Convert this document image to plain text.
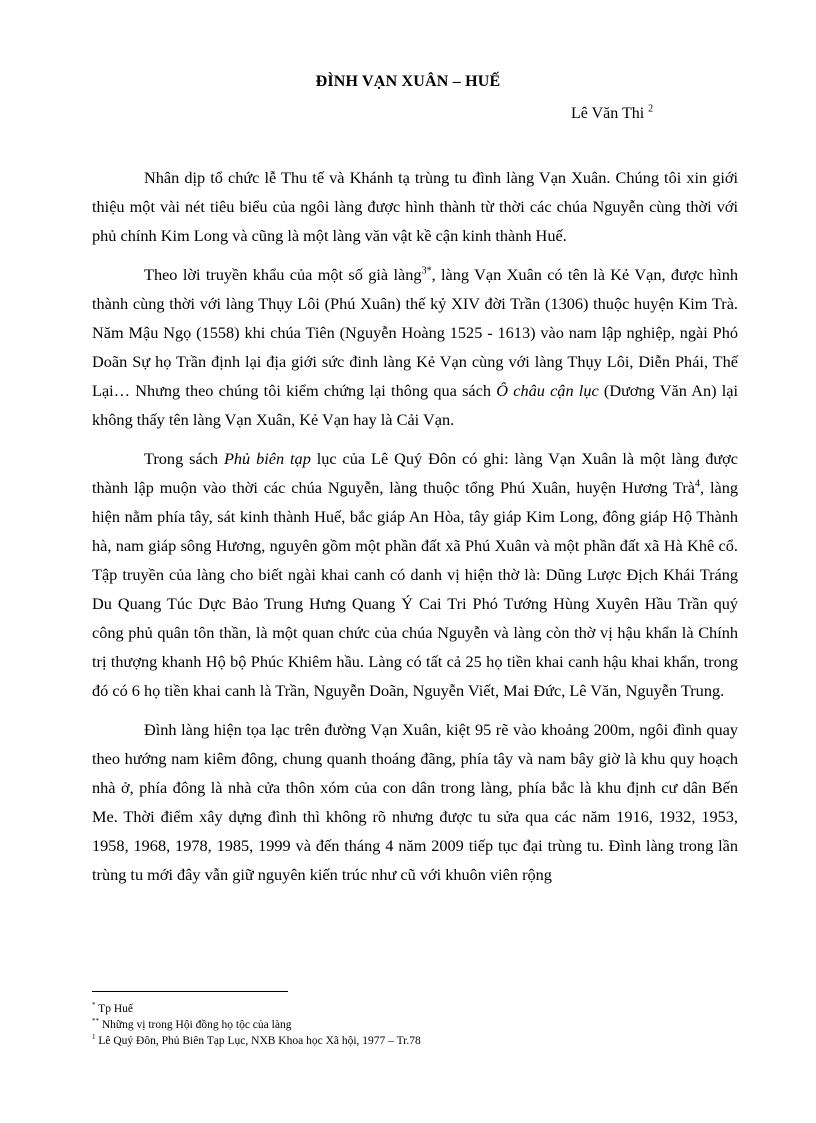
ĐÌNH VẠN XUÂN – HUẾ
Lê Văn Thi $^2$

Nhân dịp tổ chức lễ Thu tế và Khánh tạ trùng tu đình làng Vạn Xuân. Chúng tôi xin giới thiệu một vài nét tiêu biểu của ngôi làng được hình thành từ thời các chúa Nguyễn cùng thời với phủ chính Kim Long và cũng là một làng văn vật kề cận kinh thành Huế.

Theo lời truyền khẩu của một số già làng$^{3*}$, làng Vạn Xuân có tên là Kẻ Vạn, được hình thành cùng thời với làng Thụy Lôi (Phú Xuân) thế kỷ XIV đời Trần (1306) thuộc huyện Kim Trà. Năm Mậu Ngọ (1558) khi chúa Tiên (Nguyễn Hoàng 1525 - 1613) vào nam lập nghiệp, ngài Phó Doãn Sự họ Trần định lại địa giới sức đinh làng Kẻ Vạn cùng với làng Thụy Lôi, Diễn Phái, Thế Lại… Nhưng theo chúng tôi kiểm chứng lại thông qua sách Ô châu cận lục (Dương Văn An) lại không thấy tên làng Vạn Xuân, Kẻ Vạn hay là Cải Vạn.

Trong sách Phủ biên tạp lục của Lê Quý Đôn có ghi: làng Vạn Xuân là một làng được thành lập muộn vào thời các chúa Nguyễn, làng thuộc tổng Phú Xuân, huyện Hương Trà$^4$, làng hiện nằm phía tây, sát kinh thành Huế, bắc giáp An Hòa, tây giáp Kim Long, đông giáp Hộ Thành hà, nam giáp sông Hương, nguyên gồm một phần đất xã Phú Xuân và một phần đất xã Hà Khê cổ. Tập truyền của làng cho biết ngài khai canh có danh vị hiện thờ là: Dũng Lược Địch Khái Tráng Du Quang Túc Dực Bảo Trung Hưng Quang Ý Cai Tri Phó Tướng Hùng Xuyên Hầu Trần quý công phủ quân tôn thần, là một quan chức của chúa Nguyễn và làng còn thờ vị hậu khẩn là Chính trị thượng khanh Hộ bộ Phúc Khiêm hầu. Làng có tất cả 25 họ tiền khai canh hậu khai khẩn, trong đó có 6 họ tiền khai canh là Trần, Nguyễn Doãn, Nguyễn Viết, Mai Đức, Lê Văn, Nguyễn Trung.

Đình làng hiện tọa lạc trên đường Vạn Xuân, kiệt 95 rẽ vào khoảng 200m, ngôi đình quay theo hướng nam kiêm đông, chung quanh thoáng đãng, phía tây và nam bây giờ là khu quy hoạch nhà ở, phía đông là nhà cửa thôn xóm của con dân trong làng, phía bắc là khu định cư dân Bến Me. Thời điểm xây dựng đình thì không rõ nhưng được tu sửa qua các năm 1916, 1932, 1953, 1958, 1968, 1978, 1985, 1999 và đến tháng 4 năm 2009 tiếp tục đại trùng tu. Đình làng trong lần trùng tu mới đây vẫn giữ nguyên kiến trúc như cũ với khuôn viên rộng

* Tp Huế
** Những vị trong Hội đồng họ tộc của làng
$^1$ Lê Quý Đôn, Phủ Biên Tạp Lục, NXB Khoa học Xã hội, 1977 – Tr.78
